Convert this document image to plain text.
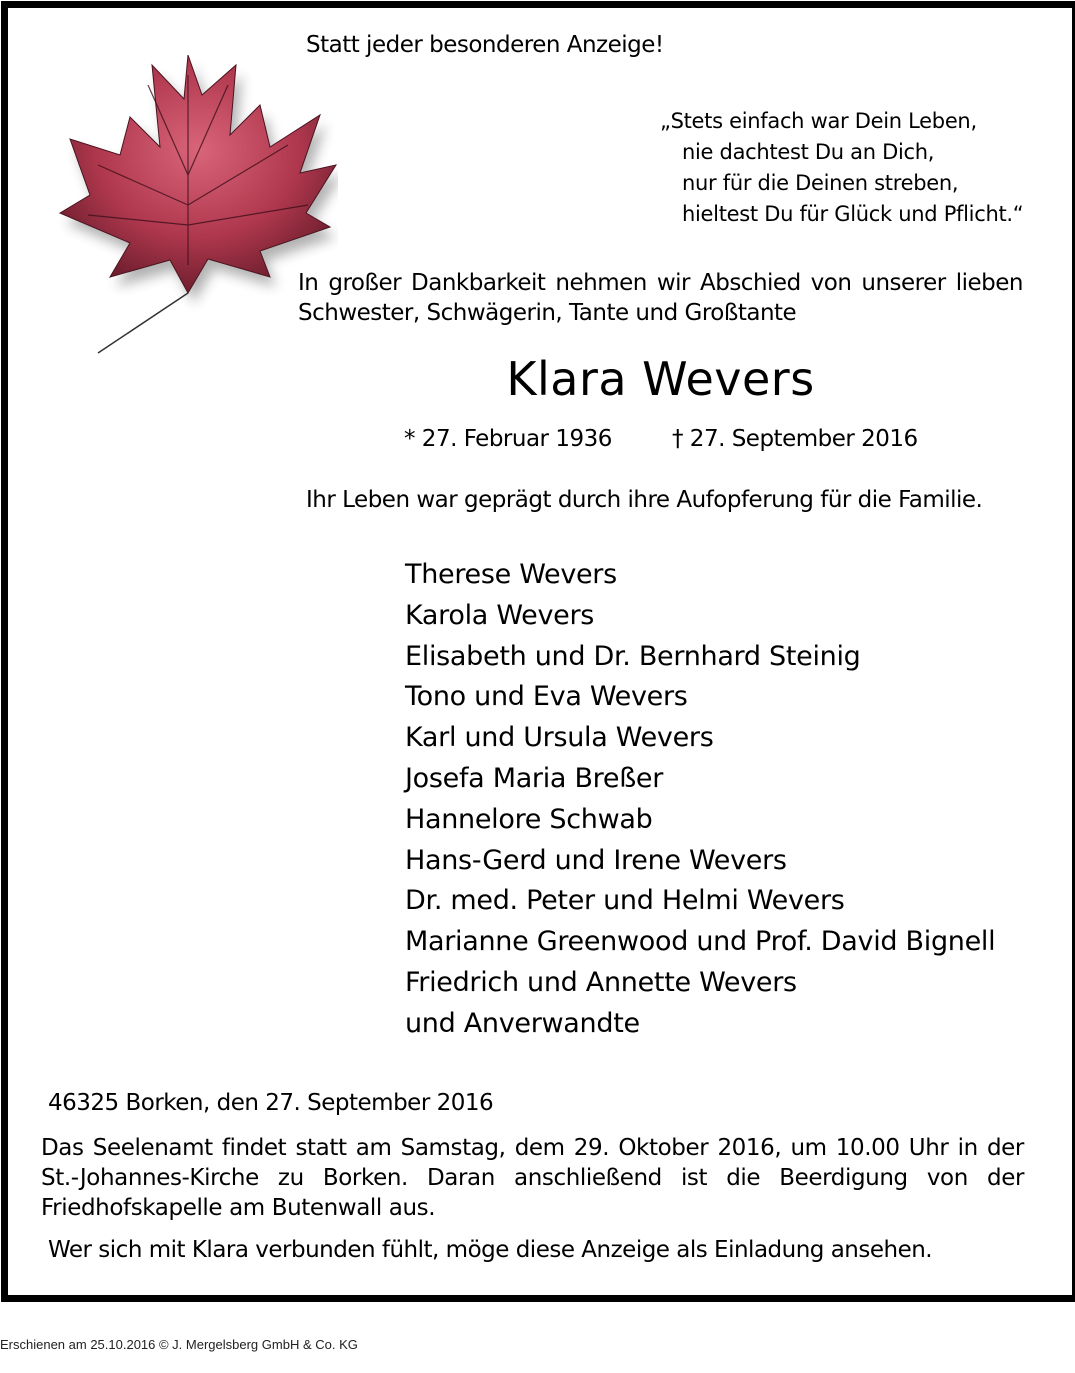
Statt jeder besonderen Anzeige!
„Stets einfach war Dein Leben,
nie dachtest Du an Dich,
nur für die Deinen streben,
hieltest Du für Glück und Pflicht.“
In großer Dankbarkeit nehmen wir Abschied von unserer lieben Schwester, Schwägerin, Tante und Großtante
Klara Wevers
* 27. Februar 1936	† 27. September 2016
Ihr Leben war geprägt durch ihre Aufopferung für die Familie.
Therese Wevers
Karola Wevers
Elisabeth und Dr. Bernhard Steinig
Tono und Eva Wevers
Karl und Ursula Wevers
Josefa Maria Breßer
Hannelore Schwab
Hans-Gerd und Irene Wevers
Dr. med. Peter und Helmi Wevers
Marianne Greenwood und Prof. David Bignell
Friedrich und Annette Wevers
und Anverwandte
46325 Borken, den 27. September 2016
Das Seelenamt findet statt am Samstag, dem 29. Oktober 2016, um 10.00 Uhr in der St.-Johannes-Kirche zu Borken. Daran anschließend ist die Beerdigung von der Friedhofskapelle am Butenwall aus.
Wer sich mit Klara verbunden fühlt, möge diese Anzeige als Einladung ansehen.
Erschienen am 25.10.2016 © J. Mergelsberg GmbH & Co. KG
